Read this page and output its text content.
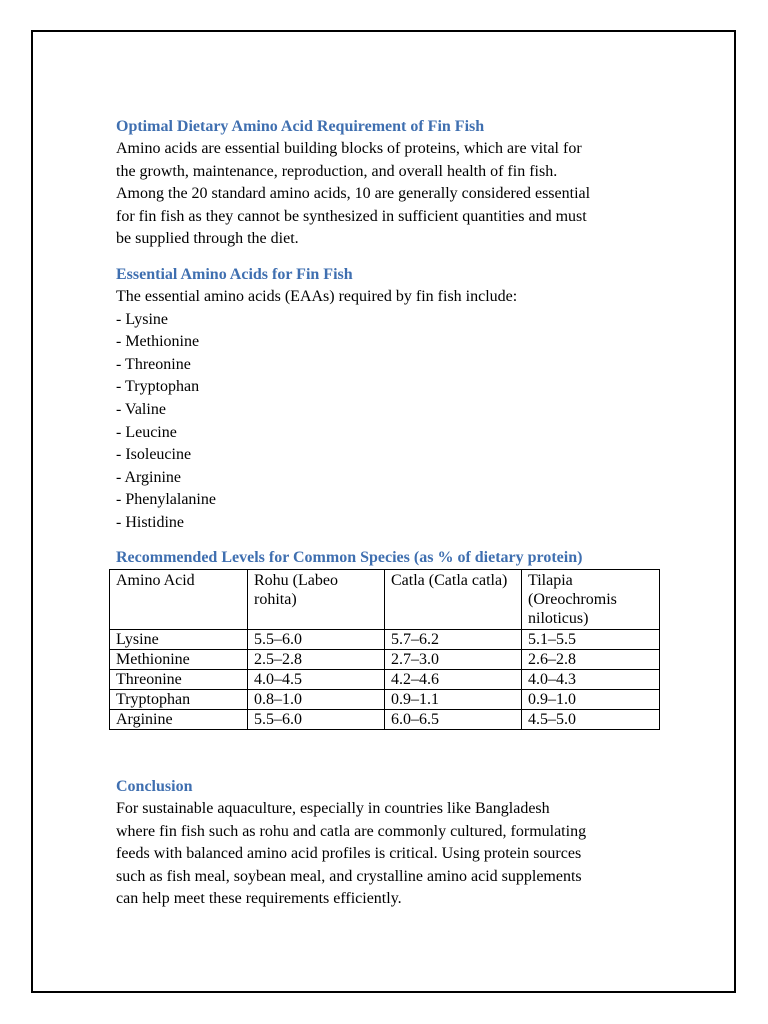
Optimal Dietary Amino Acid Requirement of Fin Fish

Amino acids are essential building blocks of proteins, which are vital for
the growth, maintenance, reproduction, and overall health of fin fish.
Among the 20 standard amino acids, 10 are generally considered essential
for fin fish as they cannot be synthesized in sufficient quantities and must
be supplied through the diet.

Essential Amino Acids for Fin Fish

The essential amino acids (EAAs) required by fin fish include:

- Lysine
- Methionine
- Threonine
- Tryptophan
- Valine
- Leucine
- Isoleucine
- Arginine
- Phenylalanine
- Histidine
Recommended Levels for Common Species (as % of dietary protein)
Amino Acid	Rohu (Labeo rohita)	Catla (Catla catla)	Tilapia (Oreochromis niloticus)
Lysine	5.5–6.0	5.7–6.2	5.1–5.5
Methionine	2.5–2.8	2.7–3.0	2.6–2.8
Threonine	4.0–4.5	4.2–4.6	4.0–4.3
Tryptophan	0.8–1.0	0.9–1.1	0.9–1.0
Arginine	5.5–6.0	6.0–6.5	4.5–5.0
Conclusion

For sustainable aquaculture, especially in countries like Bangladesh
where fin fish such as rohu and catla are commonly cultured, formulating
feeds with balanced amino acid profiles is critical. Using protein sources
such as fish meal, soybean meal, and crystalline amino acid supplements
can help meet these requirements efficiently.
